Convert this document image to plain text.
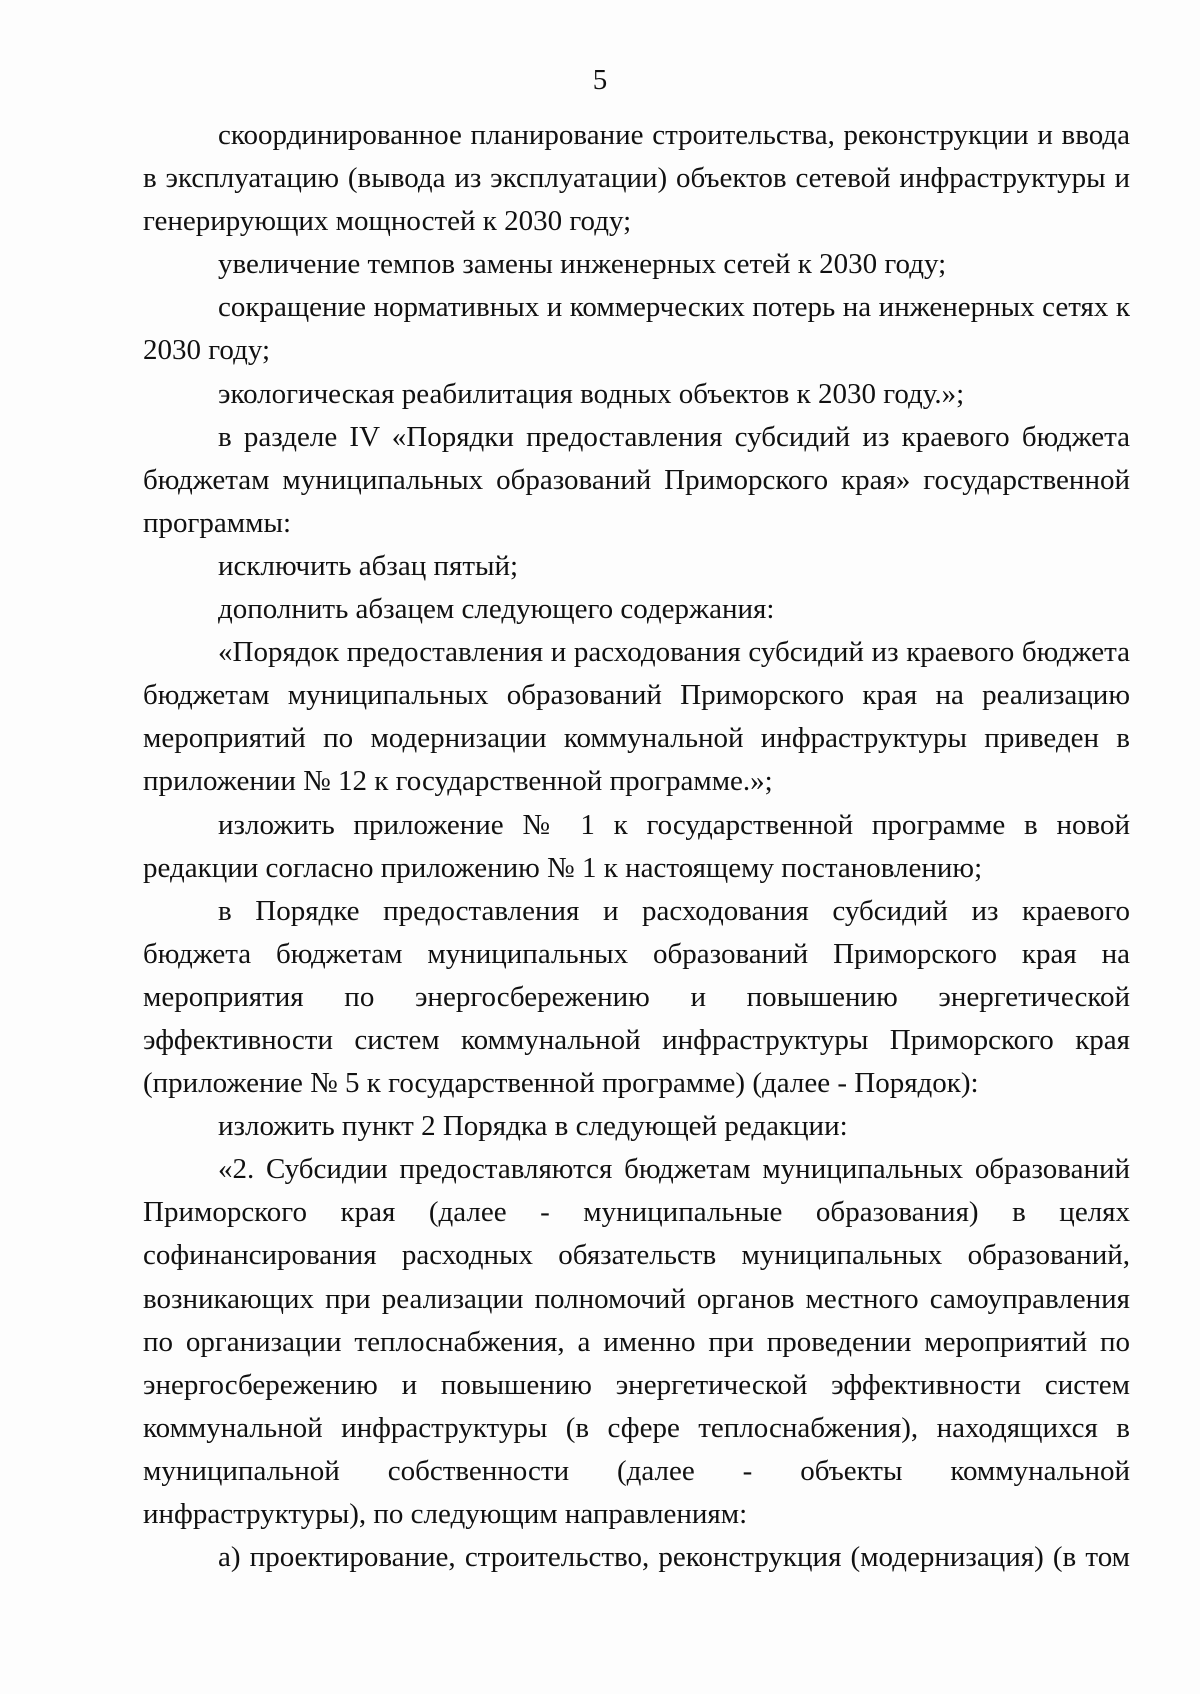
5

скоординированное планирование строительства, реконструкции и ввода в эксплуатацию (вывода из эксплуатации) объектов сетевой инфраструктуры и генерирующих мощностей к 2030 году;

увеличение темпов замены инженерных сетей к 2030 году;

сокращение нормативных и коммерческих потерь на инженерных сетях к 2030 году;

экологическая реабилитация водных объектов к 2030 году.»;

в разделе IV «Порядки предоставления субсидий из краевого бюджета бюджетам муниципальных образований Приморского края» государственной программы:

исключить абзац пятый;

дополнить абзацем следующего содержания:

«Порядок предоставления и расходования субсидий из краевого бюджета бюджетам муниципальных образований Приморского края на реализацию мероприятий по модернизации коммунальной инфраструктуры приведен в приложении № 12 к государственной программе.»;

изложить приложение № 1 к государственной программе в новой редакции согласно приложению № 1 к настоящему постановлению;

в Порядке предоставления и расходования субсидий из краевого бюджета бюджетам муниципальных образований Приморского края на мероприятия по энергосбережению и повышению энергетической эффективности систем коммунальной инфраструктуры Приморского края (приложение № 5 к государственной программе) (далее - Порядок):

изложить пункт 2 Порядка в следующей редакции:

«2. Субсидии предоставляются бюджетам муниципальных образований Приморского края (далее - муниципальные образования) в целях софинансирования расходных обязательств муниципальных образований, возникающих при реализации полномочий органов местного самоуправления по организации теплоснабжения, а именно при проведении мероприятий по энергосбережению и повышению энергетической эффективности систем коммунальной инфраструктуры (в сфере теплоснабжения), находящихся в муниципальной собственности (далее - объекты коммунальной инфраструктуры), по следующим направлениям:

а) проектирование, строительство, реконструкция (модернизация) (в том
